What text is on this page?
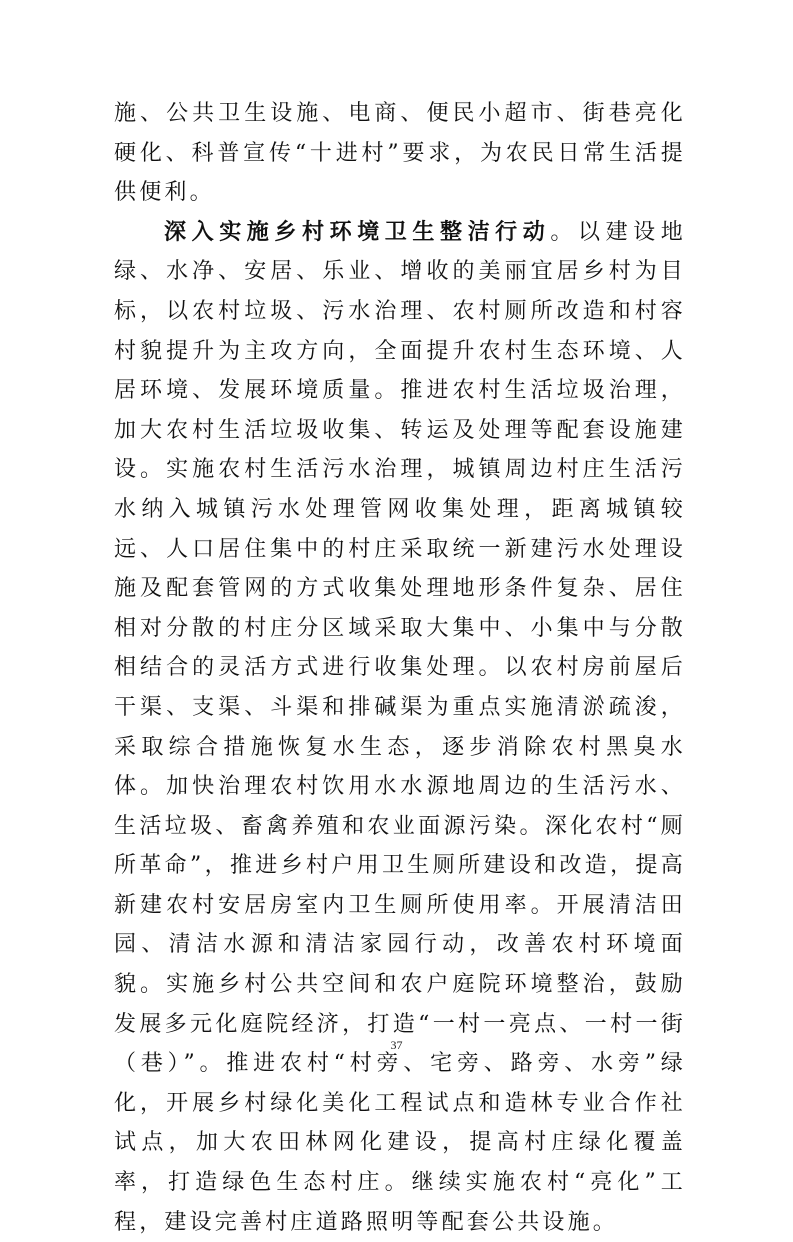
施、公共卫生设施、电商、便民小超市、街巷亮化硬化、科普宣传“十进村”要求，为农民日常生活提供便利。

深入实施乡村环境卫生整洁行动。以建设地绿、水净、安居、乐业、增收的美丽宜居乡村为目标，以农村垃圾、污水治理、农村厕所改造和村容村貌提升为主攻方向，全面提升农村生态环境、人居环境、发展环境质量。推进农村生活垃圾治理，加大农村生活垃圾收集、转运及处理等配套设施建设。实施农村生活污水治理，城镇周边村庄生活污水纳入城镇污水处理管网收集处理，距离城镇较远、人口居住集中的村庄采取统一新建污水处理设施及配套管网的方式收集处理地形条件复杂、居住相对分散的村庄分区域采取大集中、小集中与分散相结合的灵活方式进行收集处理。以农村房前屋后干渠、支渠、斗渠和排碱渠为重点实施清淤疏浚，采取综合措施恢复水生态，逐步消除农村黑臭水体。加快治理农村饮用水水源地周边的生活污水、生活垃圾、畜禽养殖和农业面源污染。深化农村“厕所革命”，推进乡村户用卫生厕所建设和改造，提高新建农村安居房室内卫生厕所使用率。开展清洁田园、清洁水源和清洁家园行动，改善农村环境面貌。实施乡村公共空间和农户庭院环境整治，鼓励发展多元化庭院经济，打造“一村一亮点、一村一街（巷）”。推进农村“村旁、宅旁、路旁、水旁”绿化，开展乡村绿化美化工程试点和造林专业合作社试点，加大农田林网化建设，提高村庄绿化覆盖率，打造绿色生态村庄。继续实施农村“亮化”工程，建设完善村庄道路照明等配套公共设施。

37
